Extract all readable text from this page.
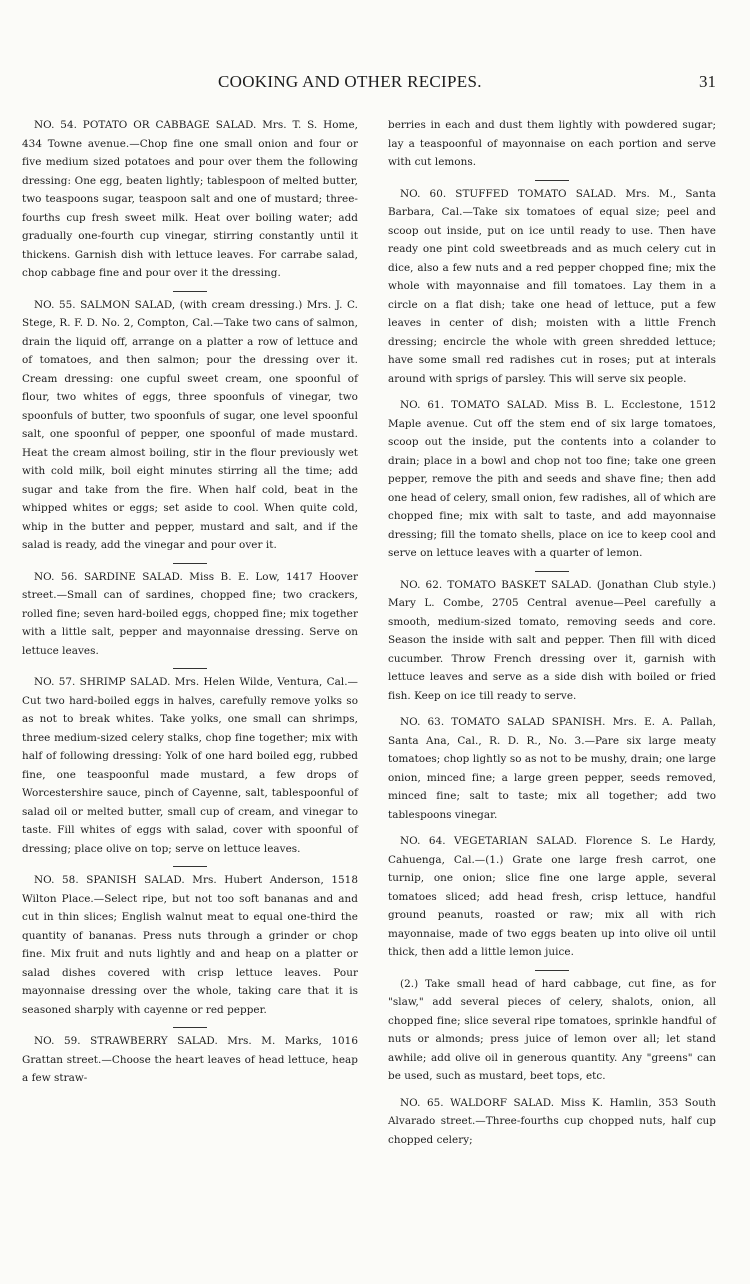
COOKING AND OTHER RECIPES.	31

NO. 54. POTATO OR CABBAGE SALAD. Mrs. T. S. Home, 434 Towne avenue.—Chop fine one small onion and four or five medium sized potatoes and pour over them the following dressing: One egg, beaten lightly; tablespoon of melted butter, two teaspoons sugar, teaspoon salt and one of mustard; three-fourths cup fresh sweet milk. Heat over boiling water; add gradually one-fourth cup vinegar, stirring constantly until it thickens. Garnish dish with lettuce leaves. For carrabe salad, chop cabbage fine and pour over it the dressing.

NO. 55. SALMON SALAD, (with cream dressing.) Mrs. J. C. Stege, R. F. D. No. 2, Compton, Cal.—Take two cans of salmon, drain the liquid off, arrange on a platter a row of lettuce and of tomatoes, and then salmon; pour the dressing over it. Cream dressing: one cupful sweet cream, one spoonful of flour, two whites of eggs, three spoonfuls of vinegar, two spoonfuls of butter, two spoonfuls of sugar, one level spoonful salt, one spoonful of pepper, one spoonful of made mustard. Heat the cream almost boiling, stir in the flour previously wet with cold milk, boil eight minutes stirring all the time; add sugar and take from the fire. When half cold, beat in the whipped whites or eggs; set aside to cool. When quite cold, whip in the butter and pepper, mustard and salt, and if the salad is ready, add the vinegar and pour over it.

NO. 56. SARDINE SALAD. Miss B. E. Low, 1417 Hoover street.—Small can of sardines, chopped fine; two crackers, rolled fine; seven hard-boiled eggs, chopped fine; mix together with a little salt, pepper and mayonnaise dressing. Serve on lettuce leaves.

NO. 57. SHRIMP SALAD. Mrs. Helen Wilde, Ventura, Cal.—Cut two hard-boiled eggs in halves, carefully remove yolks so as not to break whites. Take yolks, one small can shrimps, three medium-sized celery stalks, chop fine together; mix with half of following dressing: Yolk of one hard boiled egg, rubbed fine, one teaspoonful made mustard, a few drops of Worcestershire sauce, pinch of Cayenne, salt, tablespoonful of salad oil or melted butter, small cup of cream, and vinegar to taste. Fill whites of eggs with salad, cover with spoonful of dressing; place olive on top; serve on lettuce leaves.

NO. 58. SPANISH SALAD. Mrs. Hubert Anderson, 1518 Wilton Place.—Select ripe, but not too soft bananas and and cut in thin slices; English walnut meat to equal one-third the quantity of bananas. Press nuts through a grinder or chop fine. Mix fruit and nuts lightly and and heap on a platter or salad dishes covered with crisp lettuce leaves. Pour mayonnaise dressing over the whole, taking care that it is seasoned sharply with cayenne or red pepper.

NO. 59. STRAWBERRY SALAD. Mrs. M. Marks, 1016 Grattan street.—Choose the heart leaves of head lettuce, heap a few straw-

berries in each and dust them lightly with powdered sugar; lay a teaspoonful of mayonnaise on each portion and serve with cut lemons.

NO. 60. STUFFED TOMATO SALAD. Mrs. M., Santa Barbara, Cal.—Take six tomatoes of equal size; peel and scoop out inside, put on ice until ready to use. Then have ready one pint cold sweetbreads and as much celery cut in dice, also a few nuts and a red pepper chopped fine; mix the whole with mayonnaise and fill tomatoes. Lay them in a circle on a flat dish; take one head of lettuce, put a few leaves in center of dish; moisten with a little French dressing; encircle the whole with green shredded lettuce; have some small red radishes cut in roses; put at interals around with sprigs of parsley. This will serve six people.

NO. 61. TOMATO SALAD. Miss B. L. Ecclestone, 1512 Maple avenue. Cut off the stem end of six large tomatoes, scoop out the inside, put the contents into a colander to drain; place in a bowl and chop not too fine; take one green pepper, remove the pith and seeds and shave fine; then add one head of celery, small onion, few radishes, all of which are chopped fine; mix with salt to taste, and add mayonnaise dressing; fill the tomato shells, place on ice to keep cool and serve on lettuce leaves with a quarter of lemon.

NO. 62. TOMATO BASKET SALAD. (Jonathan Club style.) Mary L. Combe, 2705 Central avenue—Peel carefully a smooth, medium-sized tomato, removing seeds and core. Season the inside with salt and pepper. Then fill with diced cucumber. Throw French dressing over it, garnish with lettuce leaves and serve as a side dish with boiled or fried fish. Keep on ice till ready to serve.

NO. 63. TOMATO SALAD SPANISH. Mrs. E. A. Pallah, Santa Ana, Cal., R. D. R., No. 3.—Pare six large meaty tomatoes; chop lightly so as not to be mushy, drain; one large onion, minced fine; a large green pepper, seeds removed, minced fine; salt to taste; mix all together; add two tablespoons vinegar.

NO. 64. VEGETARIAN SALAD. Florence S. Le Hardy, Cahuenga, Cal.—(1.) Grate one large fresh carrot, one turnip, one onion; slice fine one large apple, several tomatoes sliced; add head fresh, crisp lettuce, handful ground peanuts, roasted or raw; mix all with rich mayonnaise, made of two eggs beaten up into olive oil until thick, then add a little lemon juice.

(2.) Take small head of hard cabbage, cut fine, as for "slaw," add several pieces of celery, shalots, onion, all chopped fine; slice several ripe tomatoes, sprinkle handful of nuts or almonds; press juice of lemon over all; let stand awhile; add olive oil in generous quantity. Any "greens" can be used, such as mustard, beet tops, etc.

NO. 65. WALDORF SALAD. Miss K. Hamlin, 353 South Alvarado street.—Three-fourths cup chopped nuts, half cup chopped celery;
